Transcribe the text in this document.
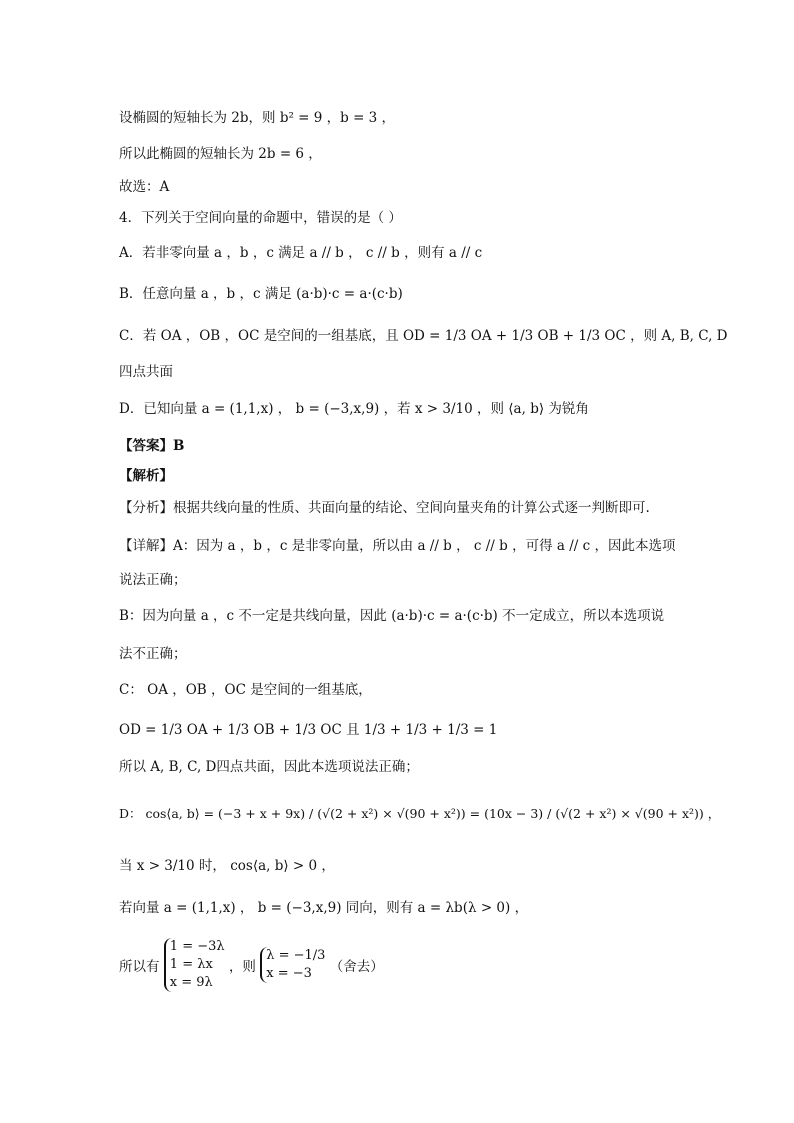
设椭圆的短轴长为 2b，则 b² = 9 ，b = 3 ，
所以此椭圆的短轴长为 2b = 6 ，
故选：A
4．下列关于空间向量的命题中，错误的是（ ）
A．若非零向量 a ，b ，c 满足 a // b ， c // b ，则有 a // c
B．任意向量 a ，b ，c 满足 (a·b)·c = a·(c·b)
C．若 OA ，OB ，OC 是空间的一组基底，且 OD = 1/3 OA + 1/3 OB + 1/3 OC ，则 A, B, C, D
四点共面
D．已知向量 a = (1,1,x) ， b = (−3,x,9) ，若 x > 3/10 ，则 ⟨a, b⟩ 为锐角
【答案】B
【解析】
【分析】根据共线向量的性质、共面向量的结论、空间向量夹角的计算公式逐一判断即可.
【详解】A：因为 a ，b ，c 是非零向量，所以由 a // b ， c // b ，可得 a // c ，因此本选项
说法正确；
B：因为向量 a ，c 不一定是共线向量，因此 (a·b)·c = a·(c·b) 不一定成立，所以本选项说
法不正确；
C： OA ，OB ，OC 是空间的一组基底，
OD = 1/3 OA + 1/3 OB + 1/3 OC 且 1/3 + 1/3 + 1/3 = 1
所以 A, B, C, D四点共面，因此本选项说法正确；
D： cos⟨a, b⟩ = (−3 + x + 9x) / (√(2 + x²) × √(90 + x²)) = (10x − 3) / (√(2 + x²) × √(90 + x²)) ，
当 x > 3/10 时， cos⟨a, b⟩ > 0 ，
若向量 a = (1,1,x) ， b = (−3,x,9) 同向，则有 a = λb(λ > 0) ，
所以有
1 = −3λ
1 = λx
x = 9λ
，则
λ = −1/3
x = −3	（舍去）
